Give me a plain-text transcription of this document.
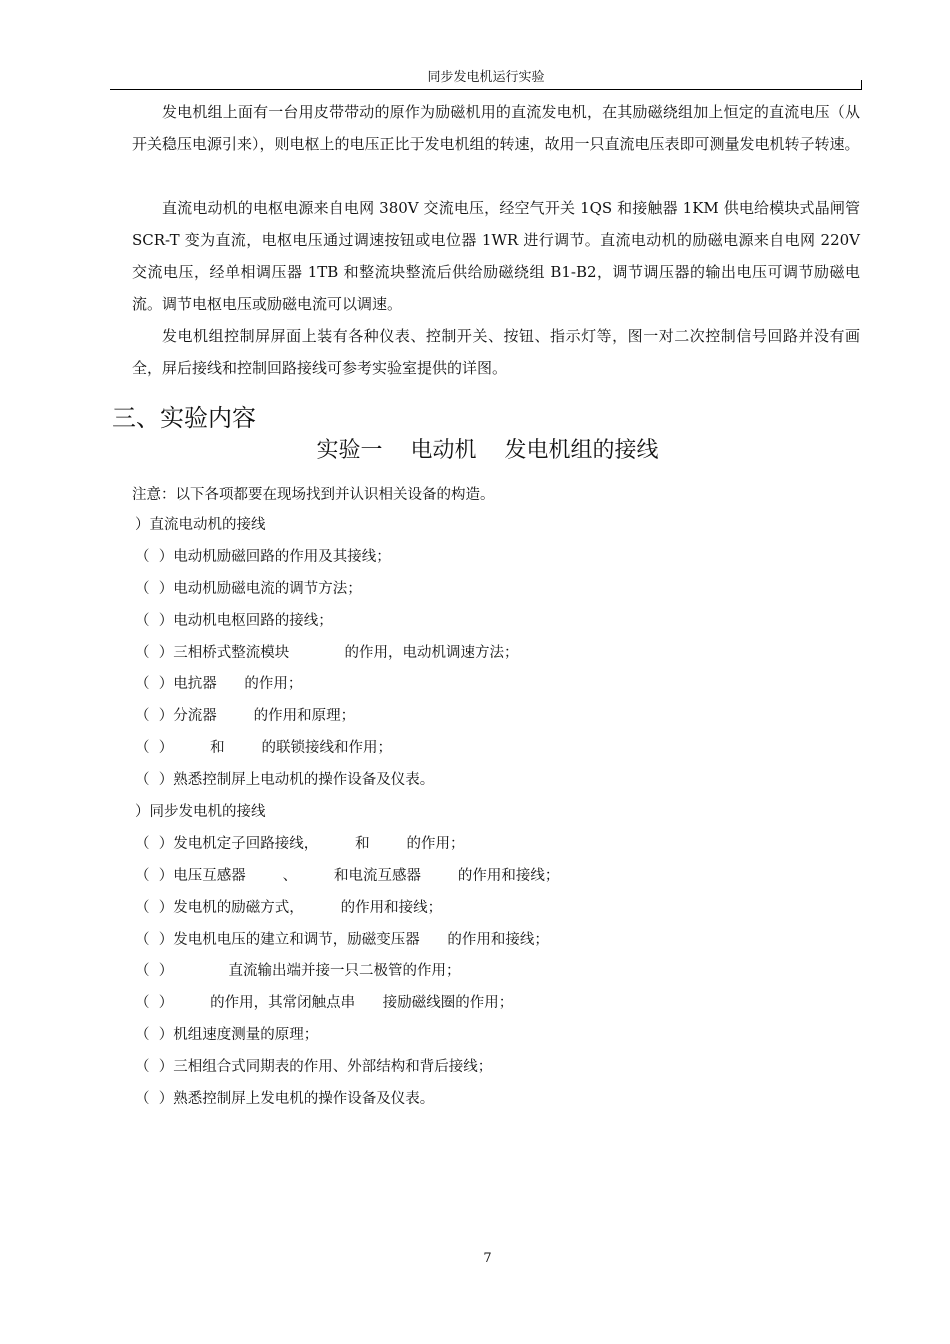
同步发电机运行实验

发电机组上面有一台用皮带带动的原作为励磁机用的直流发电机，在其励磁绕组加上恒定的直流电压（从开关稳压电源引来），则电枢上的电压正比于发电机组的转速，故用一只直流电压表即可测量发电机转子转速。

直流电动机的电枢电源来自电网 380V 交流电压，经空气开关 1QS 和接触器 1KM 供电给模块式晶闸管 SCR-T 变为直流，电枢电压通过调速按钮或电位器 1WR 进行调节。直流电动机的励磁电源来自电网 220V 交流电压，经单相调压器 1TB 和整流块整流后供给励磁绕组 B1-B2，调节调压器的输出电压可调节励磁电流。调节电枢电压或励磁电流可以调速。

发电机组控制屏屏面上装有各种仪表、控制开关、按钮、指示灯等，图一对二次控制信号回路并没有画全，屏后接线和控制回路接线可参考实验室提供的详图。

三、实验内容
实验一    电动机    发电机组的接线
注意：以下各项都要在现场找到并认识相关设备的构造。
）直流电动机的接线
（  ）电动机励磁回路的作用及其接线；
（  ）电动机励磁电流的调节方法；
（  ）电动机电枢回路的接线；
（  ）三相桥式整流模块            的作用，电动机调速方法；
（  ）电抗器      的作用；
（  ）分流器        的作用和原理；
（  ）        和        的联锁接线和作用；
（  ）熟悉控制屏上电动机的操作设备及仪表。
）同步发电机的接线
（  ）发电机定子回路接线，        和        的作用；
（  ）电压互感器        、        和电流互感器        的作用和接线；
（  ）发电机的励磁方式，        的作用和接线；
（  ）发电机电压的建立和调节，励磁变压器      的作用和接线；
（  ）            直流输出端并接一只二极管的作用；
（  ）        的作用，其常闭触点串      接励磁线圈的作用；
（  ）机组速度测量的原理；
（  ）三相组合式同期表的作用、外部结构和背后接线；
（  ）熟悉控制屏上发电机的操作设备及仪表。
7
